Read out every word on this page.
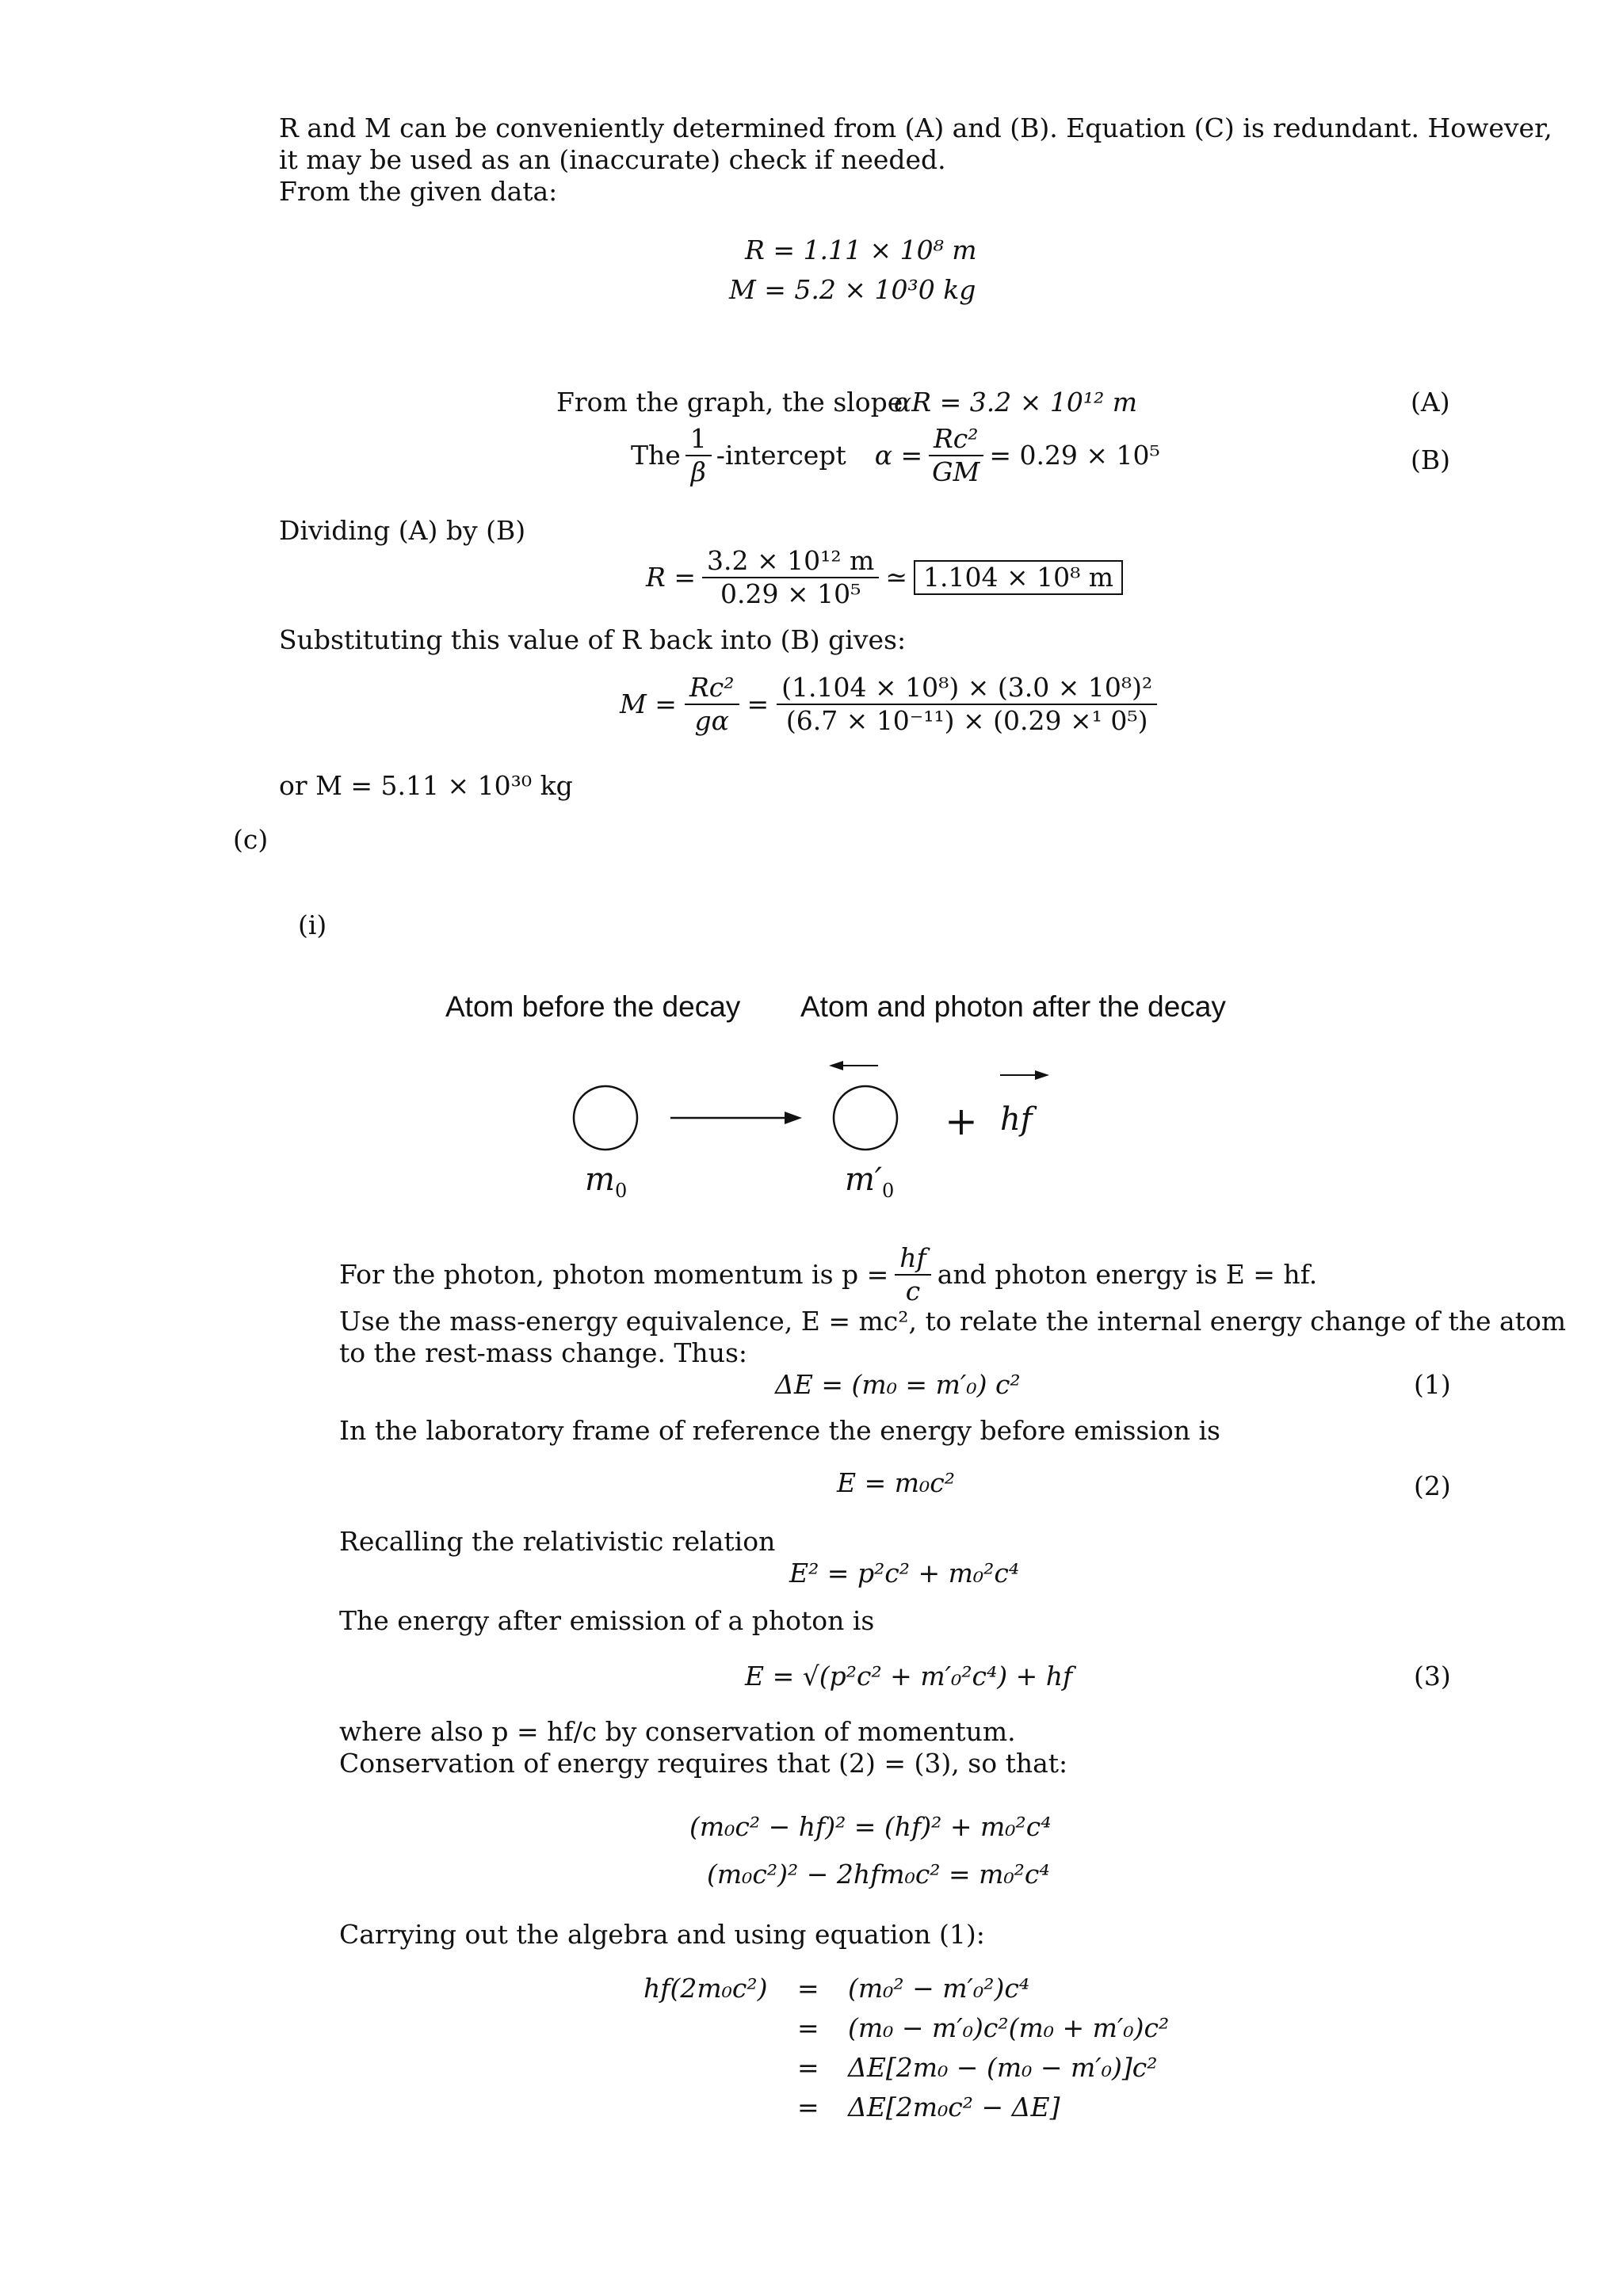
R and M can be conveniently determined from (A) and (B). Equation (C) is redundant. However,
it may be used as an (inaccurate) check if needed.
From the given data:
R = 1.11 × 10⁸ m
M = 5.2 × 10³0 kg
From the graph, the slope
αR = 3.2 × 10¹² m	(A)
The $\frac{1}{\beta}$ -intercept $\alpha = \frac{\text{Rc²}}{GM} = 0.29 \times 10^5$	(B)
Dividing (A) by (B)
$R = \frac{\text{3.2 × 10¹² m}}{\text{0.29 × 10⁵}}$ ≃ 1.104 × 10⁸ m
Substituting this value of R back into (B) gives:
$M = \frac{\text{Rc²}}{g\alpha} = \frac{\text{(1.104 × 10⁸) × (3.0 × 10⁸)²}}{\text{(6.7 × 10⁻¹¹) × (0.29 ×¹ 0⁵)}}$
or M = 5.11 × 10³⁰ kg
(c)
(i)
Atom before the decay Atom and photon after the decay
$m_0$	$m'_0$
+ hf
For the photon, photon momentum is $p = \frac{hf}{c}$ and photon energy is E = hf.
Use the mass-energy equivalence, E = mc², to relate the internal energy change of the atom
to the rest-mass change. Thus:
ΔE = (m₀ = m′₀) c²	(1)
In the laboratory frame of reference the energy before emission is
E = m₀c²	(2)
Recalling the relativistic relation
E² = p²c² + m₀²c⁴
The energy after emission of a photon is
E = √(p²c² + m′₀²c⁴) + hf	(3)
where also p = hf/c by conservation of momentum.
Conservation of energy requires that (2) = (3), so that:
(m₀c² − hf)² = (hf)² + m₀²c⁴
(m₀c²)² − 2hfm₀c² = m₀²c⁴
Carrying out the algebra and using equation (1):
hf(2m₀c²) = (m₀² − m′₀²)c⁴
= (m₀ − m′₀)c²(m₀ + m′₀)c²
= ΔE[2m₀ − (m₀ − m′₀)]c²
= ΔE[2m₀c² − ΔE]
